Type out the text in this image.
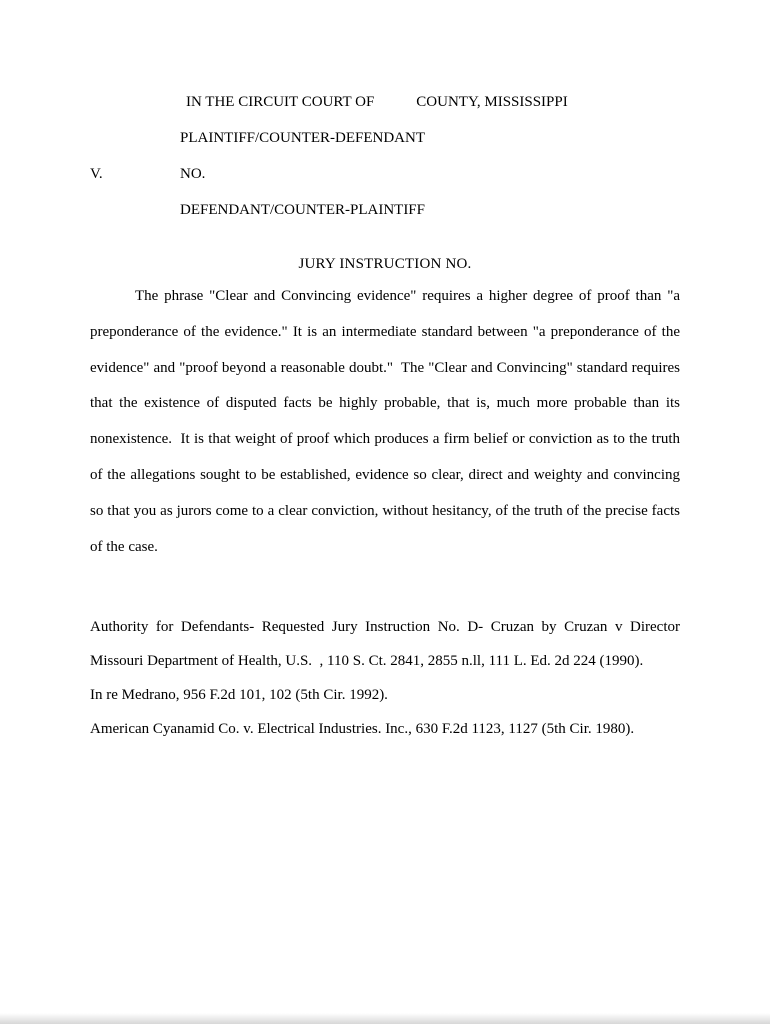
IN THE CIRCUIT COURT OF	COUNTY, MISSISSIPPI
PLAINTIFF/COUNTER-DEFENDANT
V.	NO.
DEFENDANT/COUNTER-PLAINTIFF
JURY INSTRUCTION NO.

The phrase "Clear and Convincing evidence" requires a higher degree of proof than "a preponderance of the evidence." It is an intermediate standard between "a preponderance of the evidence" and "proof beyond a reasonable doubt."  The "Clear and Convincing" standard requires that the existence of disputed facts be highly probable, that is, much more probable than its nonexistence.  It is that weight of proof which produces a firm belief or conviction as to the truth of the allegations sought to be established, evidence so clear, direct and weighty and convincing so that you as jurors come to a clear conviction, without hesitancy, of the truth of the precise facts of the case.

Authority for Defendants- Requested Jury Instruction No. D- Cruzan by Cruzan v Director Missouri Department of Health, U.S.  , 110 S. Ct. 2841, 2855 n.ll, 111 L. Ed. 2d 224 (1990).

In re Medrano, 956 F.2d 101, 102 (5th Cir. 1992).

American Cyanamid Co. v. Electrical Industries. Inc., 630 F.2d 1123, 1127 (5th Cir. 1980).
